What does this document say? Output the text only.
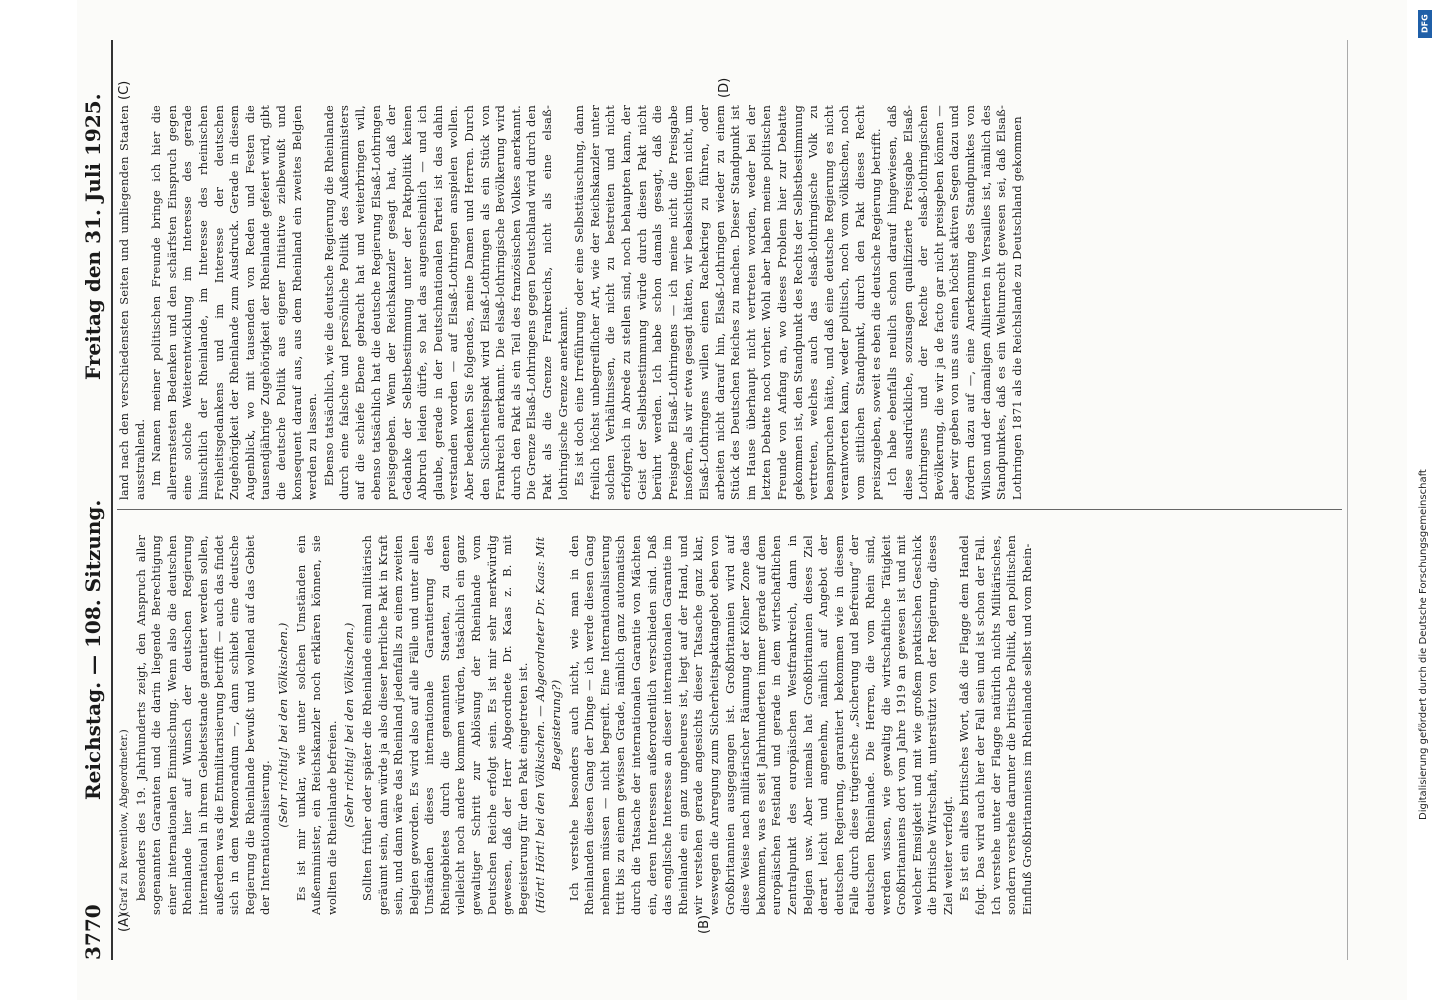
3770
Reichstag. — 108. Sitzung.
Freitag den 31. Juli 1925.
(A)	(B)
(C)	(D)

(Graf zu Reventlow, Abgeordneter.) besonders des 19. Jahrhunderts zeigt, den Anspruch aller sogenannten Garanten und die darin liegende Berechtigung einer internationalen Einmischung. Wenn also die deutschen Rheinlande hier auf Wunsch der deutschen Regierung international in ihrem Gebietsstande garantiert werden sollen, außerdem was die Entmilitarisierung betrifft — auch das findet sich in dem Memorandum —, dann schiebt eine deutsche Regierung die Rheinlande bewußt und wollend auf das Gebiet der Internationalisierung.

(Sehr richtig! bei den Völkischen.) Es ist mir unklar, wie unter solchen Umständen ein Außenminister, ein Reichskanzler noch erklären können, sie wollten die Rheinlande befreien. (Sehr richtig! bei den Völkischen.) Sollten früher oder später die Rheinlande einmal militärisch geräumt sein, dann würde ja also dieser herrliche Pakt in Kraft sein, und dann wäre das Rheinland jedenfalls zu einem zweiten Belgien geworden. Es wird also auf alle Fälle und unter allen Umständen dieses internationale Garantierung des Rheingebietes durch die genannten Staaten, zu denen vielleicht noch andere kommen würden, tatsächlich ein ganz gewaltiger Schritt zur Ablösung der Rheinlande vom Deutschen Reiche erfolgt sein. Es ist mir sehr merkwürdig gewesen, daß der Herr Abgeordnete Dr. Kaas z. B. mit Begeisterung für den Pakt eingetreten ist. (Hört! Hört! bei den Völkischen. — Abgeordneter Dr. Kaas: Mit Begeisterung?) Ich verstehe besonders auch nicht, wie man in den Rheinlanden diesen Gang der Dinge — ich werde diesen Gang nehmen müssen — nicht begreift. Eine Internationalisierung tritt bis zu einem gewissen Grade, nämlich ganz automatisch durch die Tatsache der internationalen Garantie von Mächten ein, deren Interessen außerordentlich verschieden sind. Daß das englische Interesse an dieser internationalen Garantie im Rheinlande ein ganz ungeheures ist, liegt auf der Hand, und wir verstehen gerade angesichts dieser Tatsache ganz klar, weswegen die Anregung zum Sicherheitspaktangebot eben von Großbritannien ausgegangen ist. Großbritannien wird auf diese Weise nach militärischer Räumung der Kölner Zone das bekommen, was es seit Jahrhunderten immer gerade auf dem europäischen Festland und gerade in dem wirtschaftlichen Zentralpunkt des europäischen Westfrankreich, dann in Belgien usw. Aber niemals hat Großbritannien dieses Ziel derart leicht und angenehm, nämlich auf Angebot der deutschen Regierung, garantiert bekommen wie in diesem Falle durch diese trügerische „Sicherung und Befreiung“ der deutschen Rheinlande. Die Herren, die vom Rhein sind, werden wissen, wie gewaltig die wirtschaftliche Tätigkeit Großbritanniens dort vom Jahre 1919 an gewesen ist und mit welcher Emsigkeit und mit wie großem praktischen Geschick die britische Wirtschaft, unterstützt von der Regierung, dieses Ziel weiter verfolgt. Es ist ein altes britisches Wort, daß die Flagge dem Handel folgt. Das wird auch hier der Fall sein und ist schon der Fall. Ich verstehe unter der Flagge natürlich nichts Militärisches, sondern verstehe darunter die britische Politik, den politischen Einfluß Großbritanniens im Rheinlande selbst und vom Rhein-

land nach den verschiedensten Seiten und umliegenden Staaten ausstrahlend. Im Namen meiner politischen Freunde bringe ich hier die allerernstesten Bedenken und den schärfsten Einspruch gegen eine solche Weiterentwicklung im Interesse des gerade hinsichtlich der Rheinlande, im Interesse des rheinischen Freiheitsgedankens und im Interesse der deutschen Zugehörigkeit der Rheinlande zum Ausdruck. Gerade in diesem Augenblick, wo mit tausenden von Reden und Festen die tausendjährige Zugehörigkeit der Rheinlande gefeiert wird, gibt die deutsche Politik aus eigener Initiative zielbewußt und konsequent darauf aus, aus dem Rheinland ein zweites Belgien werden zu lassen. Ebenso tatsächlich, wie die deutsche Regierung die Rheinlande durch eine falsche und persönliche Politik des Außenministers auf die schiefe Ebene gebracht hat und weiterbringen will, ebenso tatsächlich hat die deutsche Regierung Elsaß-Lothringen preisgegeben. Wenn der Reichskanzler gesagt hat, daß der Gedanke der Selbstbestimmung unter der Paktpolitik keinen Abbruch leiden dürfe, so hat das augenscheinlich — und ich glaube, gerade in der Deutschnationalen Partei ist das dahin verstanden worden — auf Elsaß-Lothringen anspielen wollen. Aber bedenken Sie folgendes, meine Damen und Herren. Durch den Sicherheitspakt wird Elsaß-Lothringen als ein Stück von Frankreich anerkannt. Die elsaß-lothringische Bevölkerung wird durch den Pakt als ein Teil des französischen Volkes anerkannt. Die Grenze Elsaß-Lothringens gegen Deutschland wird durch den Pakt als die Grenze Frankreichs, nicht als eine elsaß-lothringische Grenze anerkannt. Es ist doch eine Irreführung oder eine Selbsttäuschung, dann freilich höchst unbegreiflicher Art, wie der Reichskanzler unter solchen Verhältnissen, die nicht zu bestreiten und nicht erfolgreich in Abrede zu stellen sind, noch behaupten kann, der Geist der Selbstbestimmung würde durch diesen Pakt nicht berührt werden. Ich habe schon damals gesagt, daß die Preisgabe Elsaß-Lothringens — ich meine nicht die Preisgabe insofern, als wir etwa gesagt hätten, wir beabsichtigen nicht, um Elsaß-Lothringens willen einen Rachekrieg zu führen, oder arbeiten nicht darauf hin, Elsaß-Lothringen wieder zu einem Stück des Deutschen Reiches zu machen. Dieser Standpunkt ist im Hause überhaupt nicht vertreten worden, weder bei der letzten Debatte noch vorher. Wohl aber haben meine politischen Freunde von Anfang an, wo dieses Problem hier zur Debatte gekommen ist, den Standpunkt des Rechts der Selbstbestimmung vertreten, welches auch das elsaß-lothringische Volk zu beanspruchen hätte, und daß eine deutsche Regierung es nicht verantworten kann, weder politisch, noch vom völkischen, noch vom sittlichen Standpunkt, durch den Pakt dieses Recht preiszugeben, soweit es eben die deutsche Regierung betrifft. Ich habe ebenfalls neulich schon darauf hingewiesen, daß diese ausdrückliche, sozusagen qualifizierte Preisgabe Elsaß-Lothringens und der Rechte der elsaß-lothringischen Bevölkerung, die wir ja de facto gar nicht preisgeben können — aber wir geben von uns aus einen höchst aktiven Segen dazu und fordern dazu auf —, eine Anerkennung des Standpunktes von Wilson und der damaligen Alliierten in Versailles ist, nämlich des Standpunktes, daß es ein Weltunrecht gewesen sei, daß Elsaß-Lothringen 1871 als die Reichslande zu Deutschland gekommen

DFG
Digitalisierung gefördert durch die Deutsche Forschungsgemeinschaft
